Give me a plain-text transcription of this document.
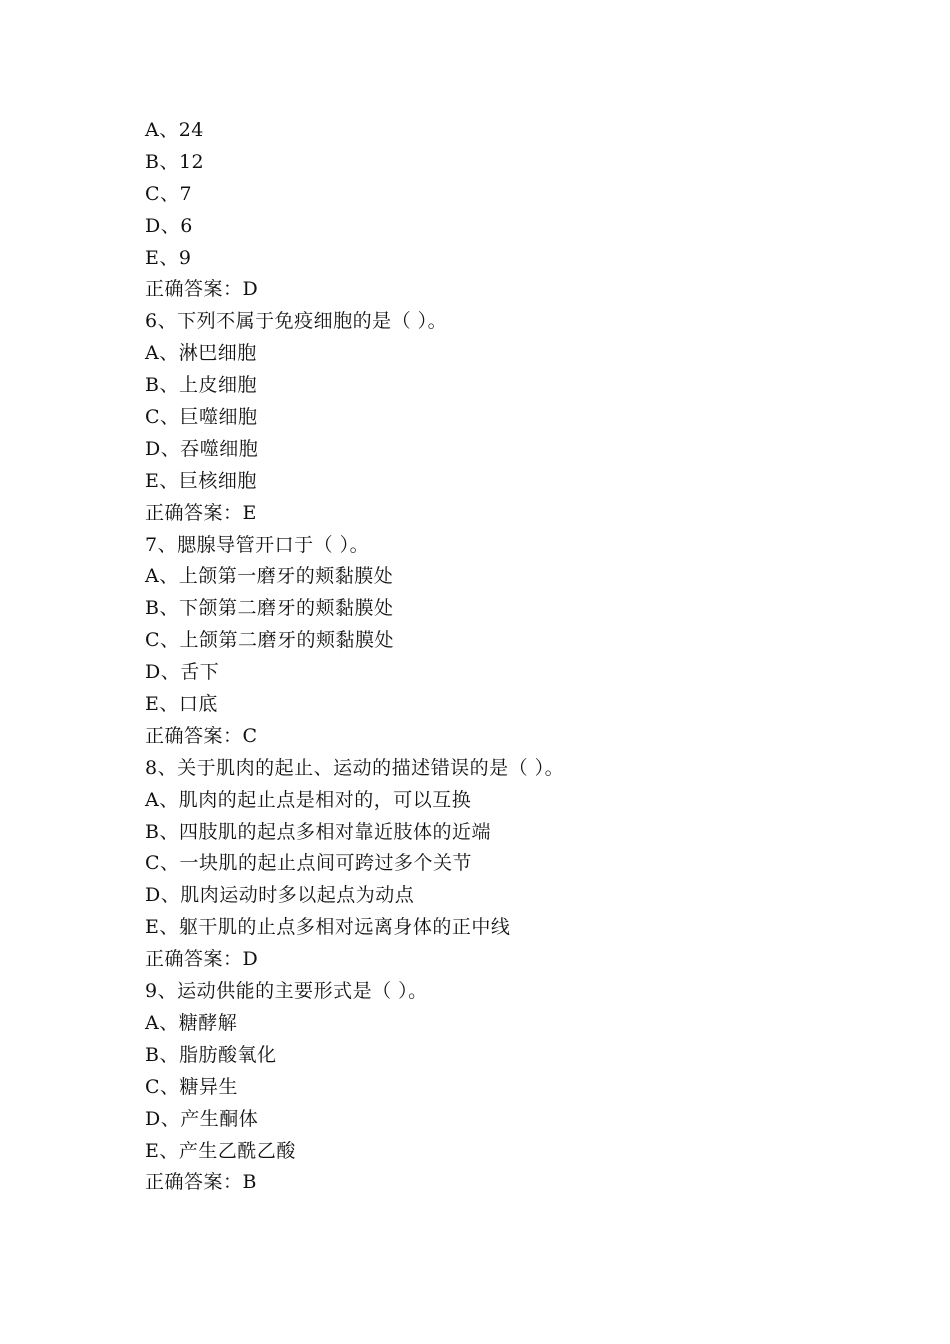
A、24
B、12
C、7
D、6
E、9
正确答案：D
6、下列不属于免疫细胞的是（ ）。
A、淋巴细胞
B、上皮细胞
C、巨噬细胞
D、吞噬细胞
E、巨核细胞
正确答案：E
7、腮腺导管开口于（ ）。
A、上颌第一磨牙的颊黏膜处
B、下颌第二磨牙的颊黏膜处
C、上颌第二磨牙的颊黏膜处
D、舌下
E、口底
正确答案：C
8、关于肌肉的起止、运动的描述错误的是（ ）。
A、肌肉的起止点是相对的，可以互换
B、四肢肌的起点多相对靠近肢体的近端
C、一块肌的起止点间可跨过多个关节
D、肌肉运动时多以起点为动点
E、躯干肌的止点多相对远离身体的正中线
正确答案：D
9、运动供能的主要形式是（ ）。
A、糖酵解
B、脂肪酸氧化
C、糖异生
D、产生酮体
E、产生乙酰乙酸
正确答案：B
